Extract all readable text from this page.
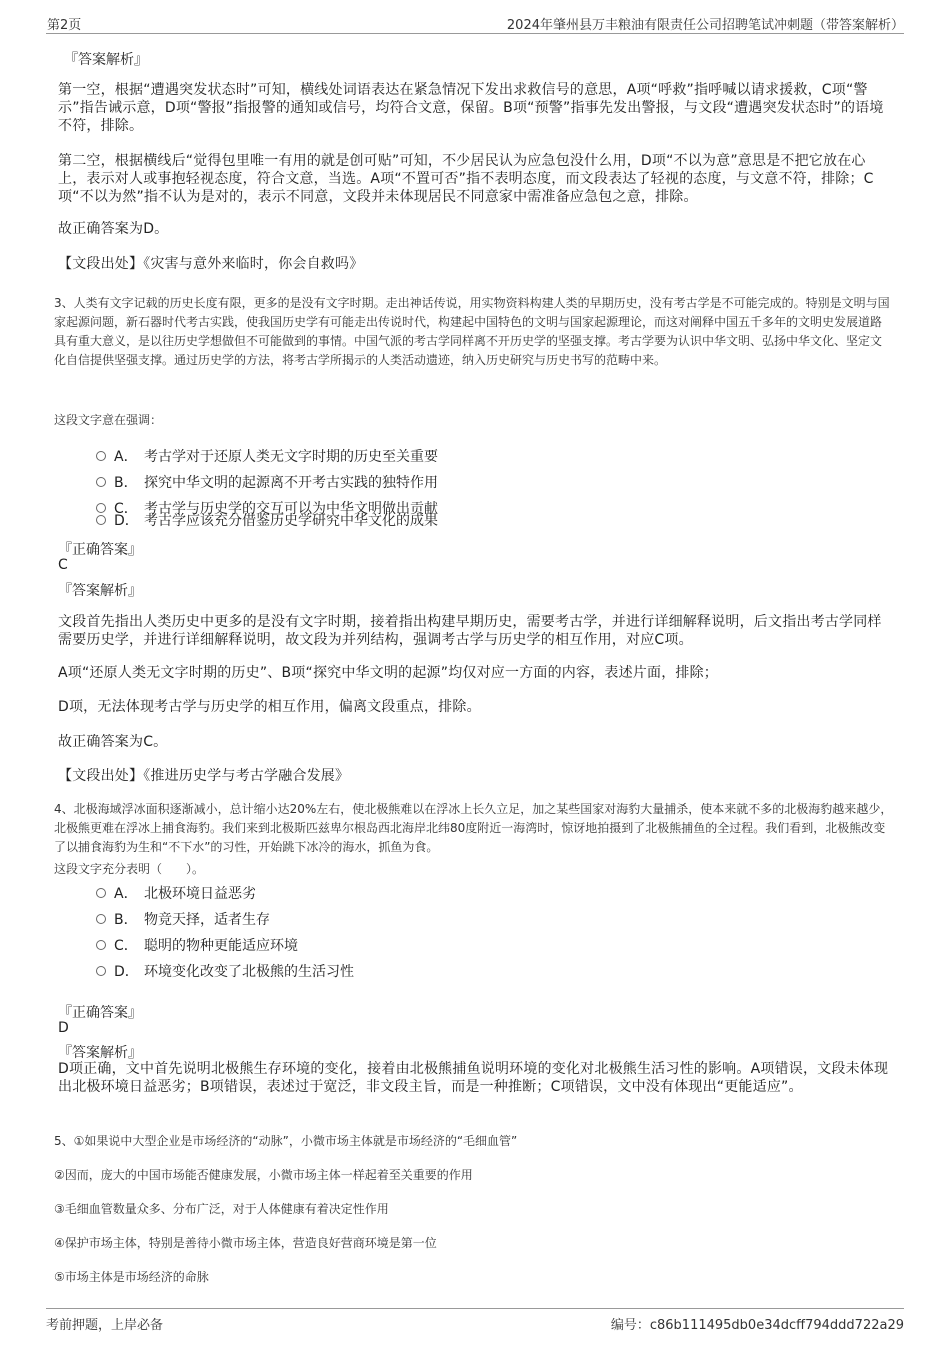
第2页	2024年肇州县万丰粮油有限责任公司招聘笔试冲刺题（带答案解析）
『答案解析』
第一空，根据“遭遇突发状态时”可知，横线处词语表达在紧急情况下发出求救信号的意思，A项“呼救”指呼喊以请求援救，C项“警示”指告诫示意，D项“警报”指报警的通知或信号，均符合文意，保留。B项“预警”指事先发出警报，与文段“遭遇突发状态时”的语境不符，排除。
第二空，根据横线后“觉得包里唯一有用的就是创可贴”可知，不少居民认为应急包没什么用，D项“不以为意”意思是不把它放在心上，表示对人或事抱轻视态度，符合文意，当选。A项“不置可否”指不表明态度，而文段表达了轻视的态度，与文意不符，排除；C项“不以为然”指不认为是对的，表示不同意，文段并未体现居民不同意家中需准备应急包之意，排除。
故正确答案为D。
【文段出处】《灾害与意外来临时，你会自救吗》
3、人类有文字记载的历史长度有限，更多的是没有文字时期。走出神话传说，用实物资料构建人类的早期历史，没有考古学是不可能完成的。特别是文明与国家起源问题，新石器时代考古实践，使我国历史学有可能走出传说时代，构建起中国特色的文明与国家起源理论，而这对阐释中国五千多年的文明史发展道路具有重大意义，是以往历史学想做但不可能做到的事情。中国气派的考古学同样离不开历史学的坚强支撑。考古学要为认识中华文明、弘扬中华文化、坚定文化自信提供坚强支撑。通过历史学的方法，将考古学所揭示的人类活动遗迹，纳入历史研究与历史书写的范畴中来。
这段文字意在强调：
A． 考古学对于还原人类无文字时期的历史至关重要
B． 探究中华文明的起源离不开考古实践的独特作用
C． 考古学与历史学的交互可以为中华文明做出贡献
D． 考古学应该充分借鉴历史学研究中华文化的成果
『正确答案』
C
『答案解析』
文段首先指出人类历史中更多的是没有文字时期，接着指出构建早期历史，需要考古学，并进行详细解释说明，后文指出考古学同样需要历史学，并进行详细解释说明，故文段为并列结构，强调考古学与历史学的相互作用，对应C项。
A项“还原人类无文字时期的历史”、B项“探究中华文明的起源”均仅对应一方面的内容，表述片面，排除；
D项，无法体现考古学与历史学的相互作用，偏离文段重点，排除。
故正确答案为C。
【文段出处】《推进历史学与考古学融合发展》
4、北极海域浮冰面积逐渐减小，总计缩小达20%左右，使北极熊难以在浮冰上长久立足，加之某些国家对海豹大量捕杀，使本来就不多的北极海豹越来越少，北极熊更难在浮冰上捕食海豹。我们来到北极斯匹兹卑尔根岛西北海岸北纬80度附近一海湾时，惊讶地拍摄到了北极熊捕鱼的全过程。我们看到，北极熊改变了以捕食海豹为生和“不下水”的习性，开始跳下冰冷的海水，抓鱼为食。
这段文字充分表明（　　）。
A． 北极环境日益恶劣
B． 物竞天择，适者生存
C． 聪明的物种更能适应环境
D． 环境变化改变了北极熊的生活习性
『正确答案』
D
『答案解析』
D项正确，文中首先说明北极熊生存环境的变化，接着由北极熊捕鱼说明环境的变化对北极熊生活习性的影响。A项错误，文段未体现出北极环境日益恶劣；B项错误，表述过于宽泛，非文段主旨，而是一种推断；C项错误，文中没有体现出“更能适应”。
5、①如果说中大型企业是市场经济的“动脉”，小微市场主体就是市场经济的“毛细血管”
②因而，庞大的中国市场能否健康发展，小微市场主体一样起着至关重要的作用
③毛细血管数量众多、分布广泛，对于人体健康有着决定性作用
④保护市场主体，特别是善待小微市场主体，营造良好营商环境是第一位
⑤市场主体是市场经济的命脉
考前押题，上岸必备	编号：c86b111495db0e34dcff794ddd722a29
